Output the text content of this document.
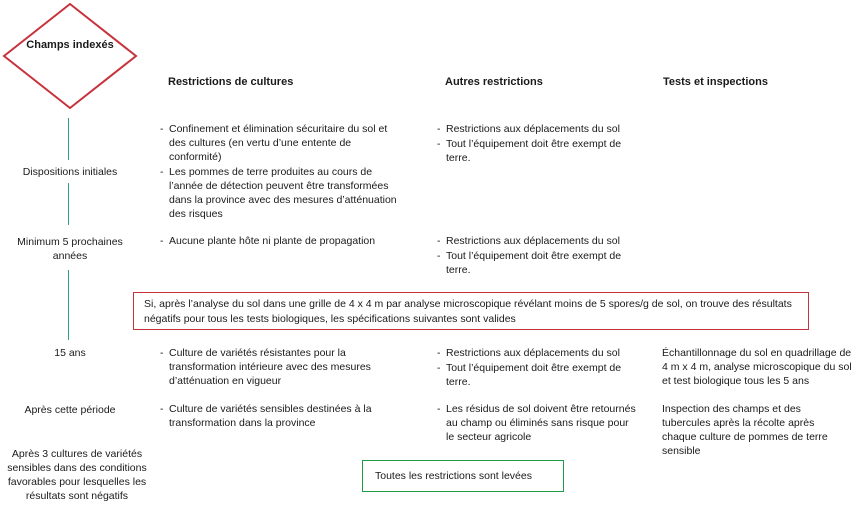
Champs indexés
Restrictions de cultures	Autres restrictions	Tests et inspections
Dispositions initiales
Minimum 5 prochaines années
15 ans
Après cette période
Après 3 cultures de variétés sensibles dans des conditions favorables pour lesquelles les résultats sont négatifs
- Confinement et élimination sécuritaire du sol et des cultures (en vertu d’une entente de conformité)
- Les pommes de terre produites au cours de l’année de détection peuvent être transformées dans la province avec des mesures d’atténuation des risques
- Restrictions aux déplacements du sol
- Tout l’équipement doit être exempt de terre.
- Aucune plante hôte ni plante de propagation
-	Restrictions aux déplacements du sol
- Tout l’équipement doit être exempt de terre.
Si, après l’analyse du sol dans une grille de 4 x 4 m par analyse microscopique révélant moins de 5 spores/g de sol, on trouve des résultats négatifs pour tous les tests biologiques, les spécifications suivantes sont valides
- Culture de variétés résistantes pour la transformation intérieure avec des mesures d’atténuation en vigueur
- Restrictions aux déplacements du sol
- Tout l’équipement doit être exempt de terre.
Échantillonnage du sol en quadrillage de 4 m x 4 m, analyse microscopique du sol et test biologique tous les 5 ans
- Culture de variétés sensibles destinées à la transformation dans la province
- Les résidus de sol doivent être retournés au champ ou éliminés sans risque pour le secteur agricole
Inspection des champs et des tubercules après la récolte après chaque culture de pommes de terre sensible
Toutes les restrictions sont levées
